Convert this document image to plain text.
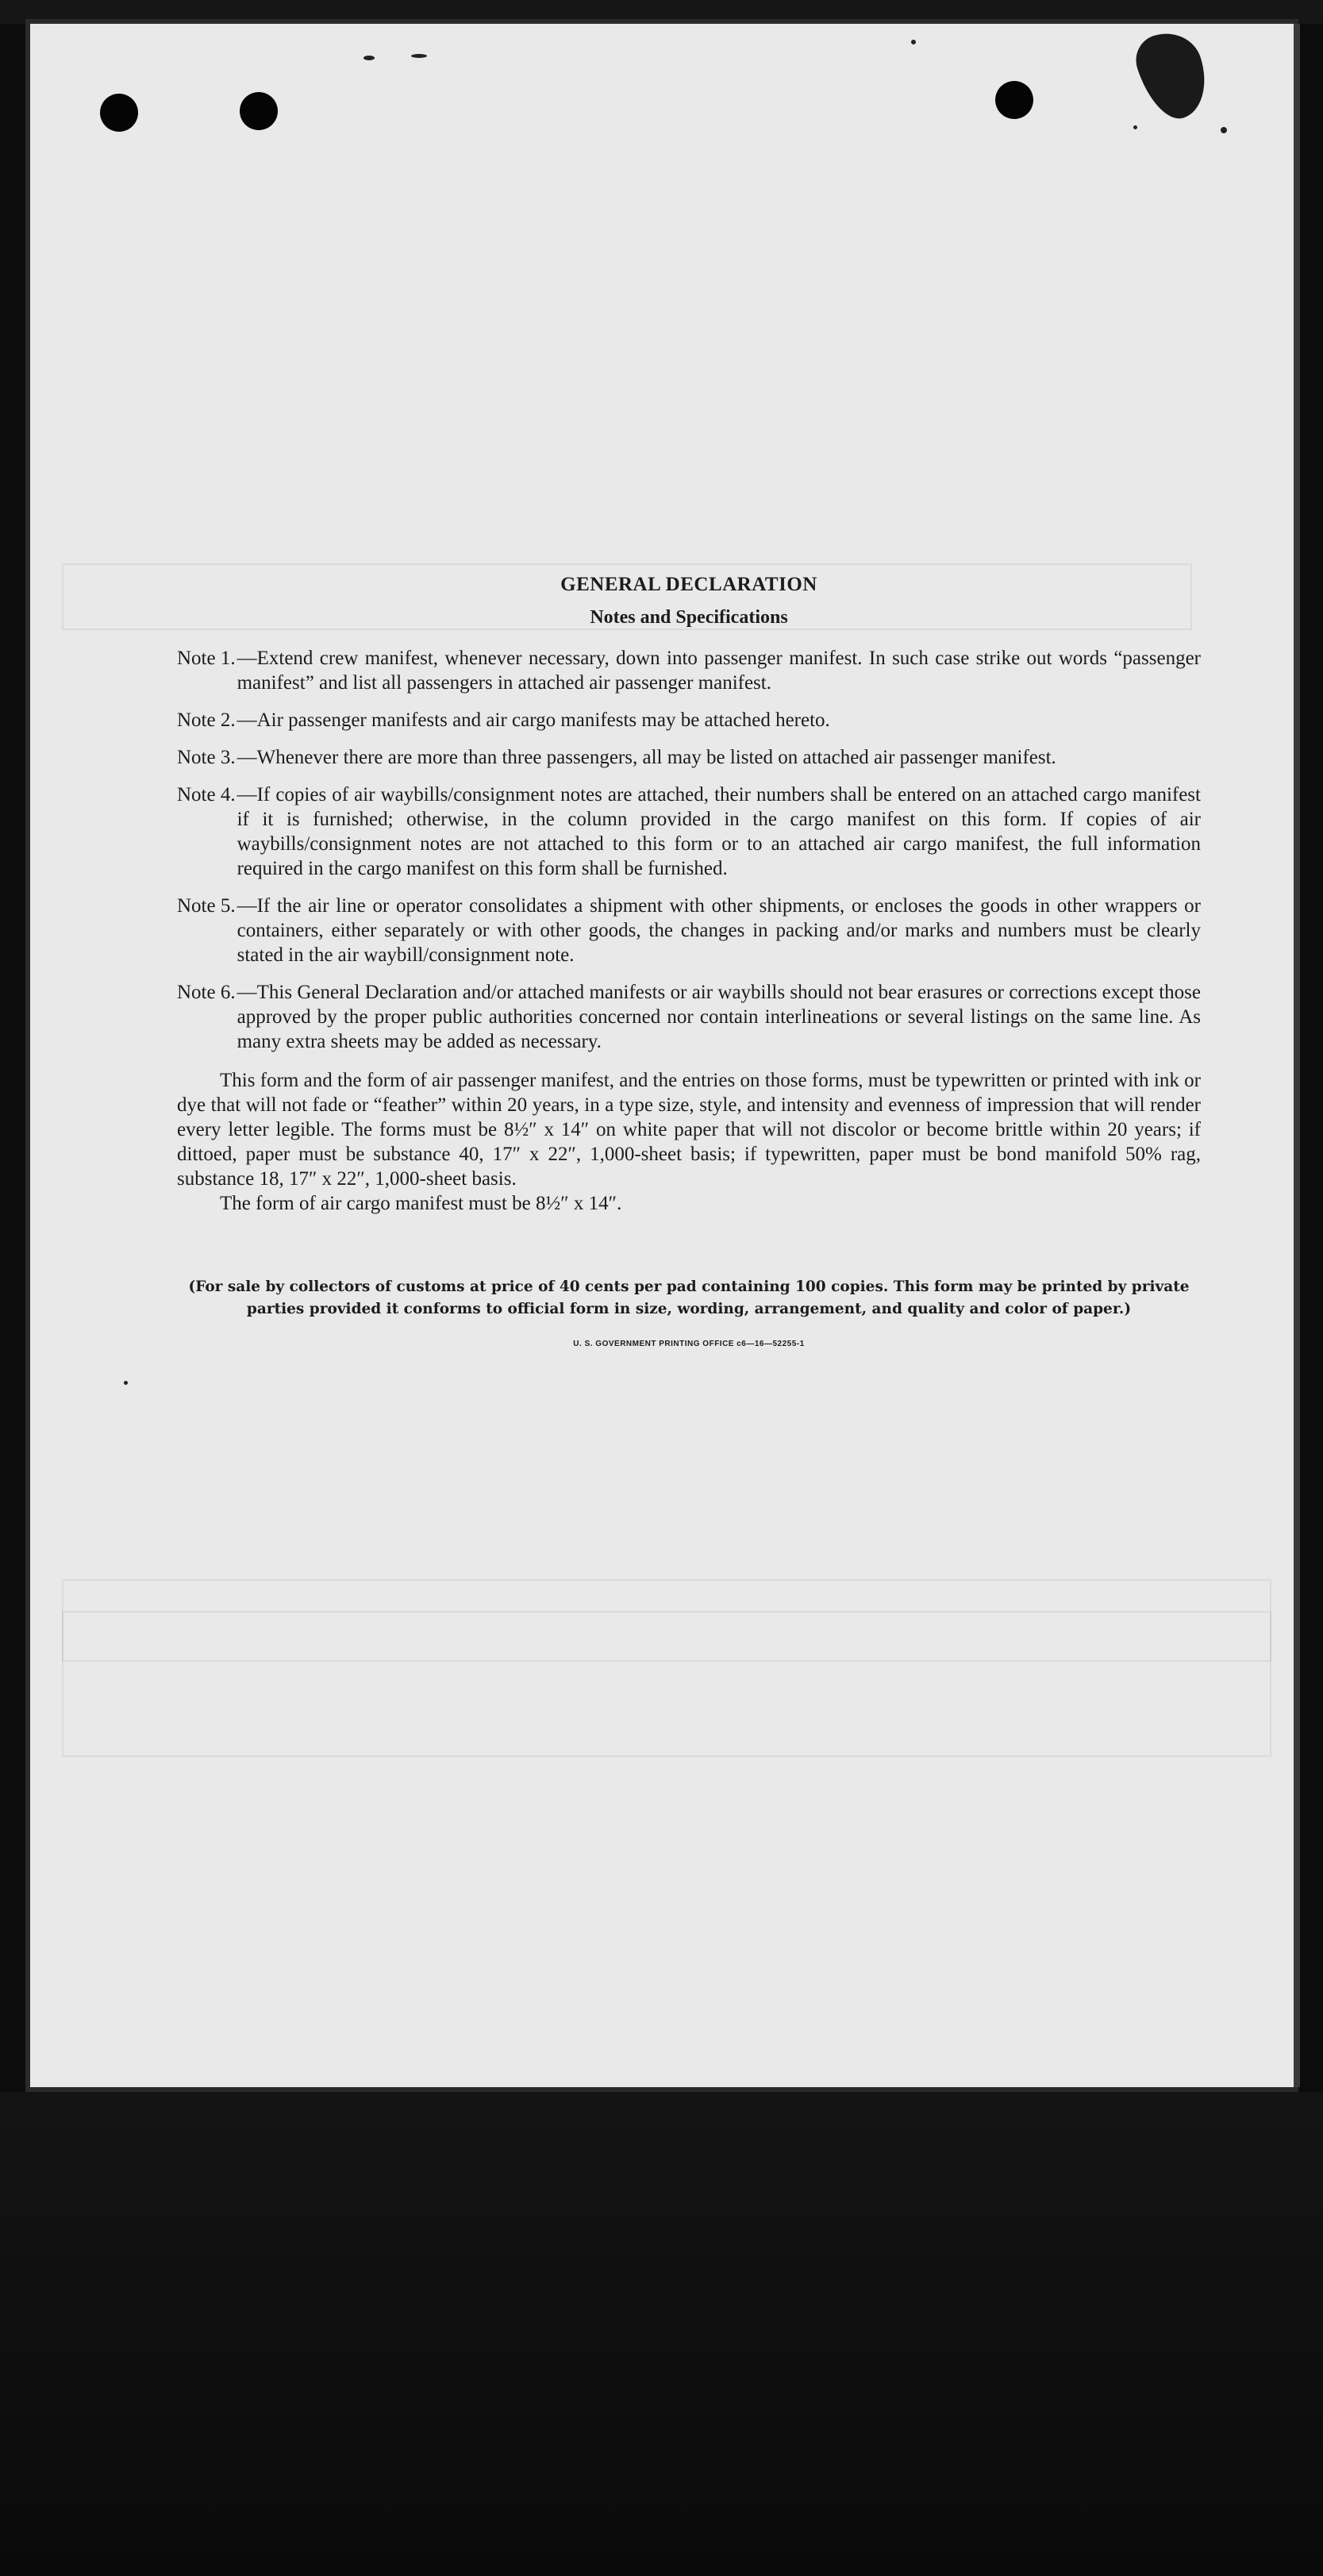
GENERAL DECLARATION
Notes and Specifications
Note 1. —Extend crew manifest, whenever necessary, down into passenger manifest. In such case strike out words “passenger manifest” and list all passengers in attached air passenger manifest.
Note 2. —Air passenger manifests and air cargo manifests may be attached hereto.
Note 3. —Whenever there are more than three passengers, all may be listed on attached air passenger manifest.
Note 4. —If copies of air waybills/consignment notes are attached, their numbers shall be entered on an attached cargo manifest if it is furnished; otherwise, in the column provided in the cargo manifest on this form. If copies of air waybills/consignment notes are not attached to this form or to an attached air cargo manifest, the full information required in the cargo manifest on this form shall be furnished.
Note 5. —If the air line or operator consolidates a shipment with other shipments, or encloses the goods in other wrappers or containers, either separately or with other goods, the changes in packing and/or marks and numbers must be clearly stated in the air waybill/consignment note.
Note 6. —This General Declaration and/or attached manifests or air waybills should not bear erasures or corrections except those approved by the proper public authorities concerned nor contain interlineations or several listings on the same line. As many extra sheets may be added as necessary.

This form and the form of air passenger manifest, and the entries on those forms, must be typewritten or printed with ink or dye that will not fade or “feather” within 20 years, in a type size, style, and intensity and evenness of impression that will render every letter legible. The forms must be 8½″ x 14″ on white paper that will not discolor or become brittle within 20 years; if dittoed, paper must be substance 40, 17″ x 22″, 1,000-sheet basis; if typewritten, paper must be bond manifold 50% rag, substance 18, 17″ x 22″, 1,000-sheet basis.

The form of air cargo manifest must be 8½″ x 14″.

(For sale by collectors of customs at price of 40 cents per pad containing 100 copies. This form may be printed by private parties provided it conforms to official form in size, wording, arrangement, and quality and color of paper.)
U. S. GOVERNMENT PRINTING OFFICE c6—16—52255-1
